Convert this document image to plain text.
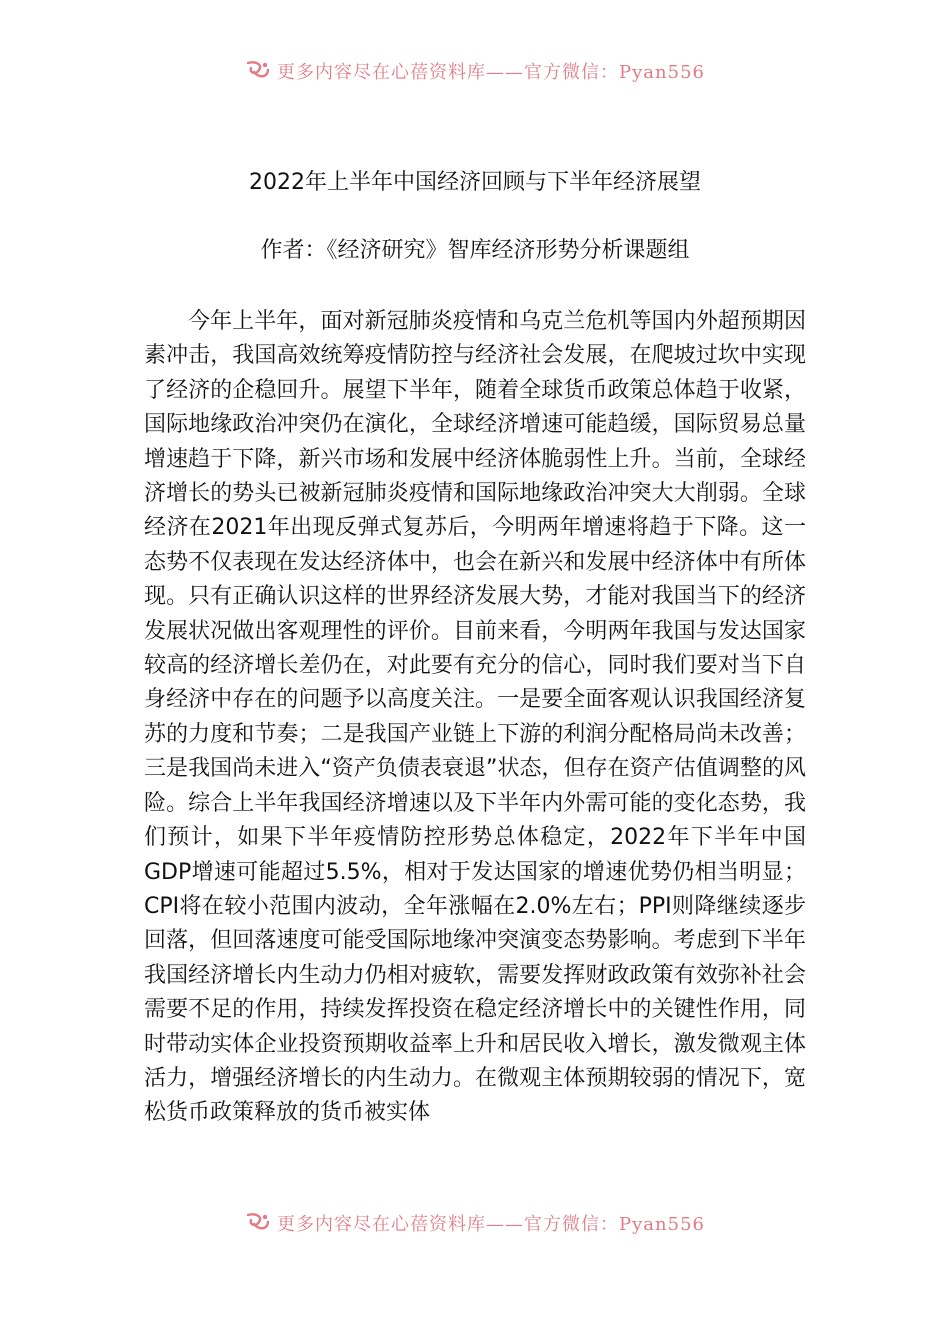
更多内容尽在心蓓资料库——官方微信：Pyan556
2022年上半年中国经济回顾与下半年经济展望
作者：《经济研究》智库经济形势分析课题组

今年上半年，面对新冠肺炎疫情和乌克兰危机等国内外超预期因素冲击，我国高效统筹疫情防控与经济社会发展，在爬坡过坎中实现了经济的企稳回升。展望下半年，随着全球货币政策总体趋于收紧，国际地缘政治冲突仍在演化，全球经济增速可能趋缓，国际贸易总量增速趋于下降，新兴市场和发展中经济体脆弱性上升。当前，全球经济增长的势头已被新冠肺炎疫情和国际地缘政治冲突大大削弱。全球经济在2021年出现反弹式复苏后，今明两年增速将趋于下降。这一态势不仅表现在发达经济体中，也会在新兴和发展中经济体中有所体现。只有正确认识这样的世界经济发展大势，才能对我国当下的经济发展状况做出客观理性的评价。目前来看，今明两年我国与发达国家较高的经济增长差仍在，对此要有充分的信心，同时我们要对当下自身经济中存在的问题予以高度关注。一是要全面客观认识我国经济复苏的力度和节奏；二是我国产业链上下游的利润分配格局尚未改善；三是我国尚未进入“资产负债表衰退”状态，但存在资产估值调整的风险。综合上半年我国经济增速以及下半年内外需可能的变化态势，我们预计，如果下半年疫情防控形势总体稳定，2022年下半年中国GDP增速可能超过5.5%，相对于发达国家的增速优势仍相当明显；CPI将在较小范围内波动，全年涨幅在2.0%左右；PPI则降继续逐步回落，但回落速度可能受国际地缘冲突演变态势影响。考虑到下半年我国经济增长内生动力仍相对疲软，需要发挥财政政策有效弥补社会需要不足的作用，持续发挥投资在稳定经济增长中的关键性作用，同时带动实体企业投资预期收益率上升和居民收入增长，激发微观主体活力，增强经济增长的内生动力。在微观主体预期较弱的情况下，宽松货币政策释放的货币被实体

更多内容尽在心蓓资料库——官方微信：Pyan556
